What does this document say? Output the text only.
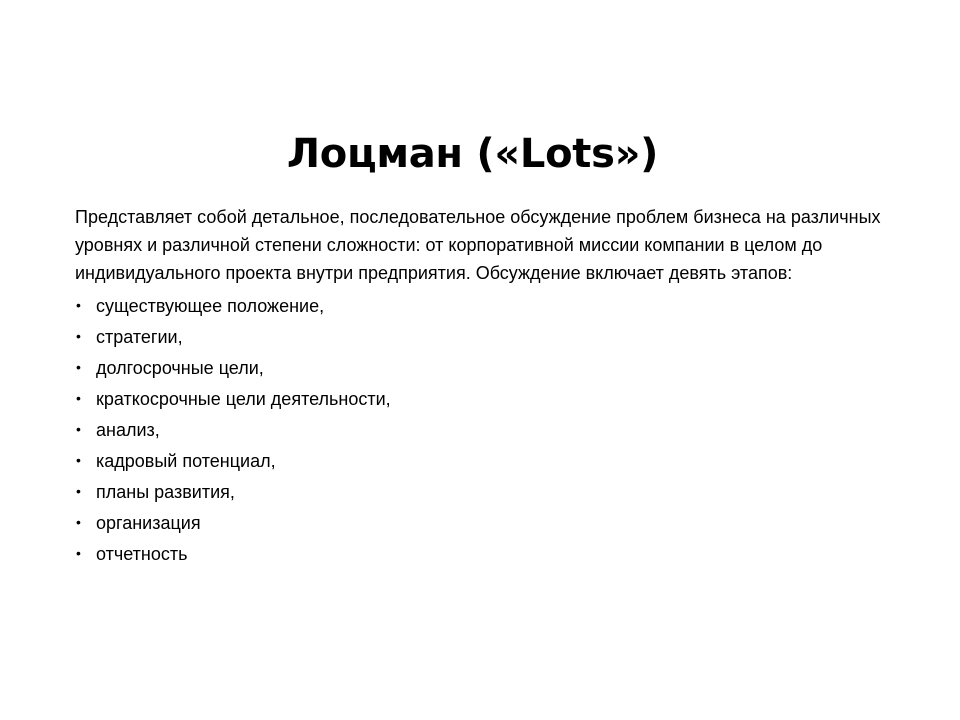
Лоцман («Lots»)

Представляет собой детальное, последовательное обсуждение проблем бизнеса на различных уровнях и различной степени сложности: от корпоративной миссии компании в целом до индивидуального проекта внутри предприятия. Обсуждение включает девять этапов:

• существующее положение,
• стратегии,
• долгосрочные цели,
• краткосрочные цели деятельности,
• анализ,
• кадровый потенциал,
• планы развития,
• организация
• отчетность
